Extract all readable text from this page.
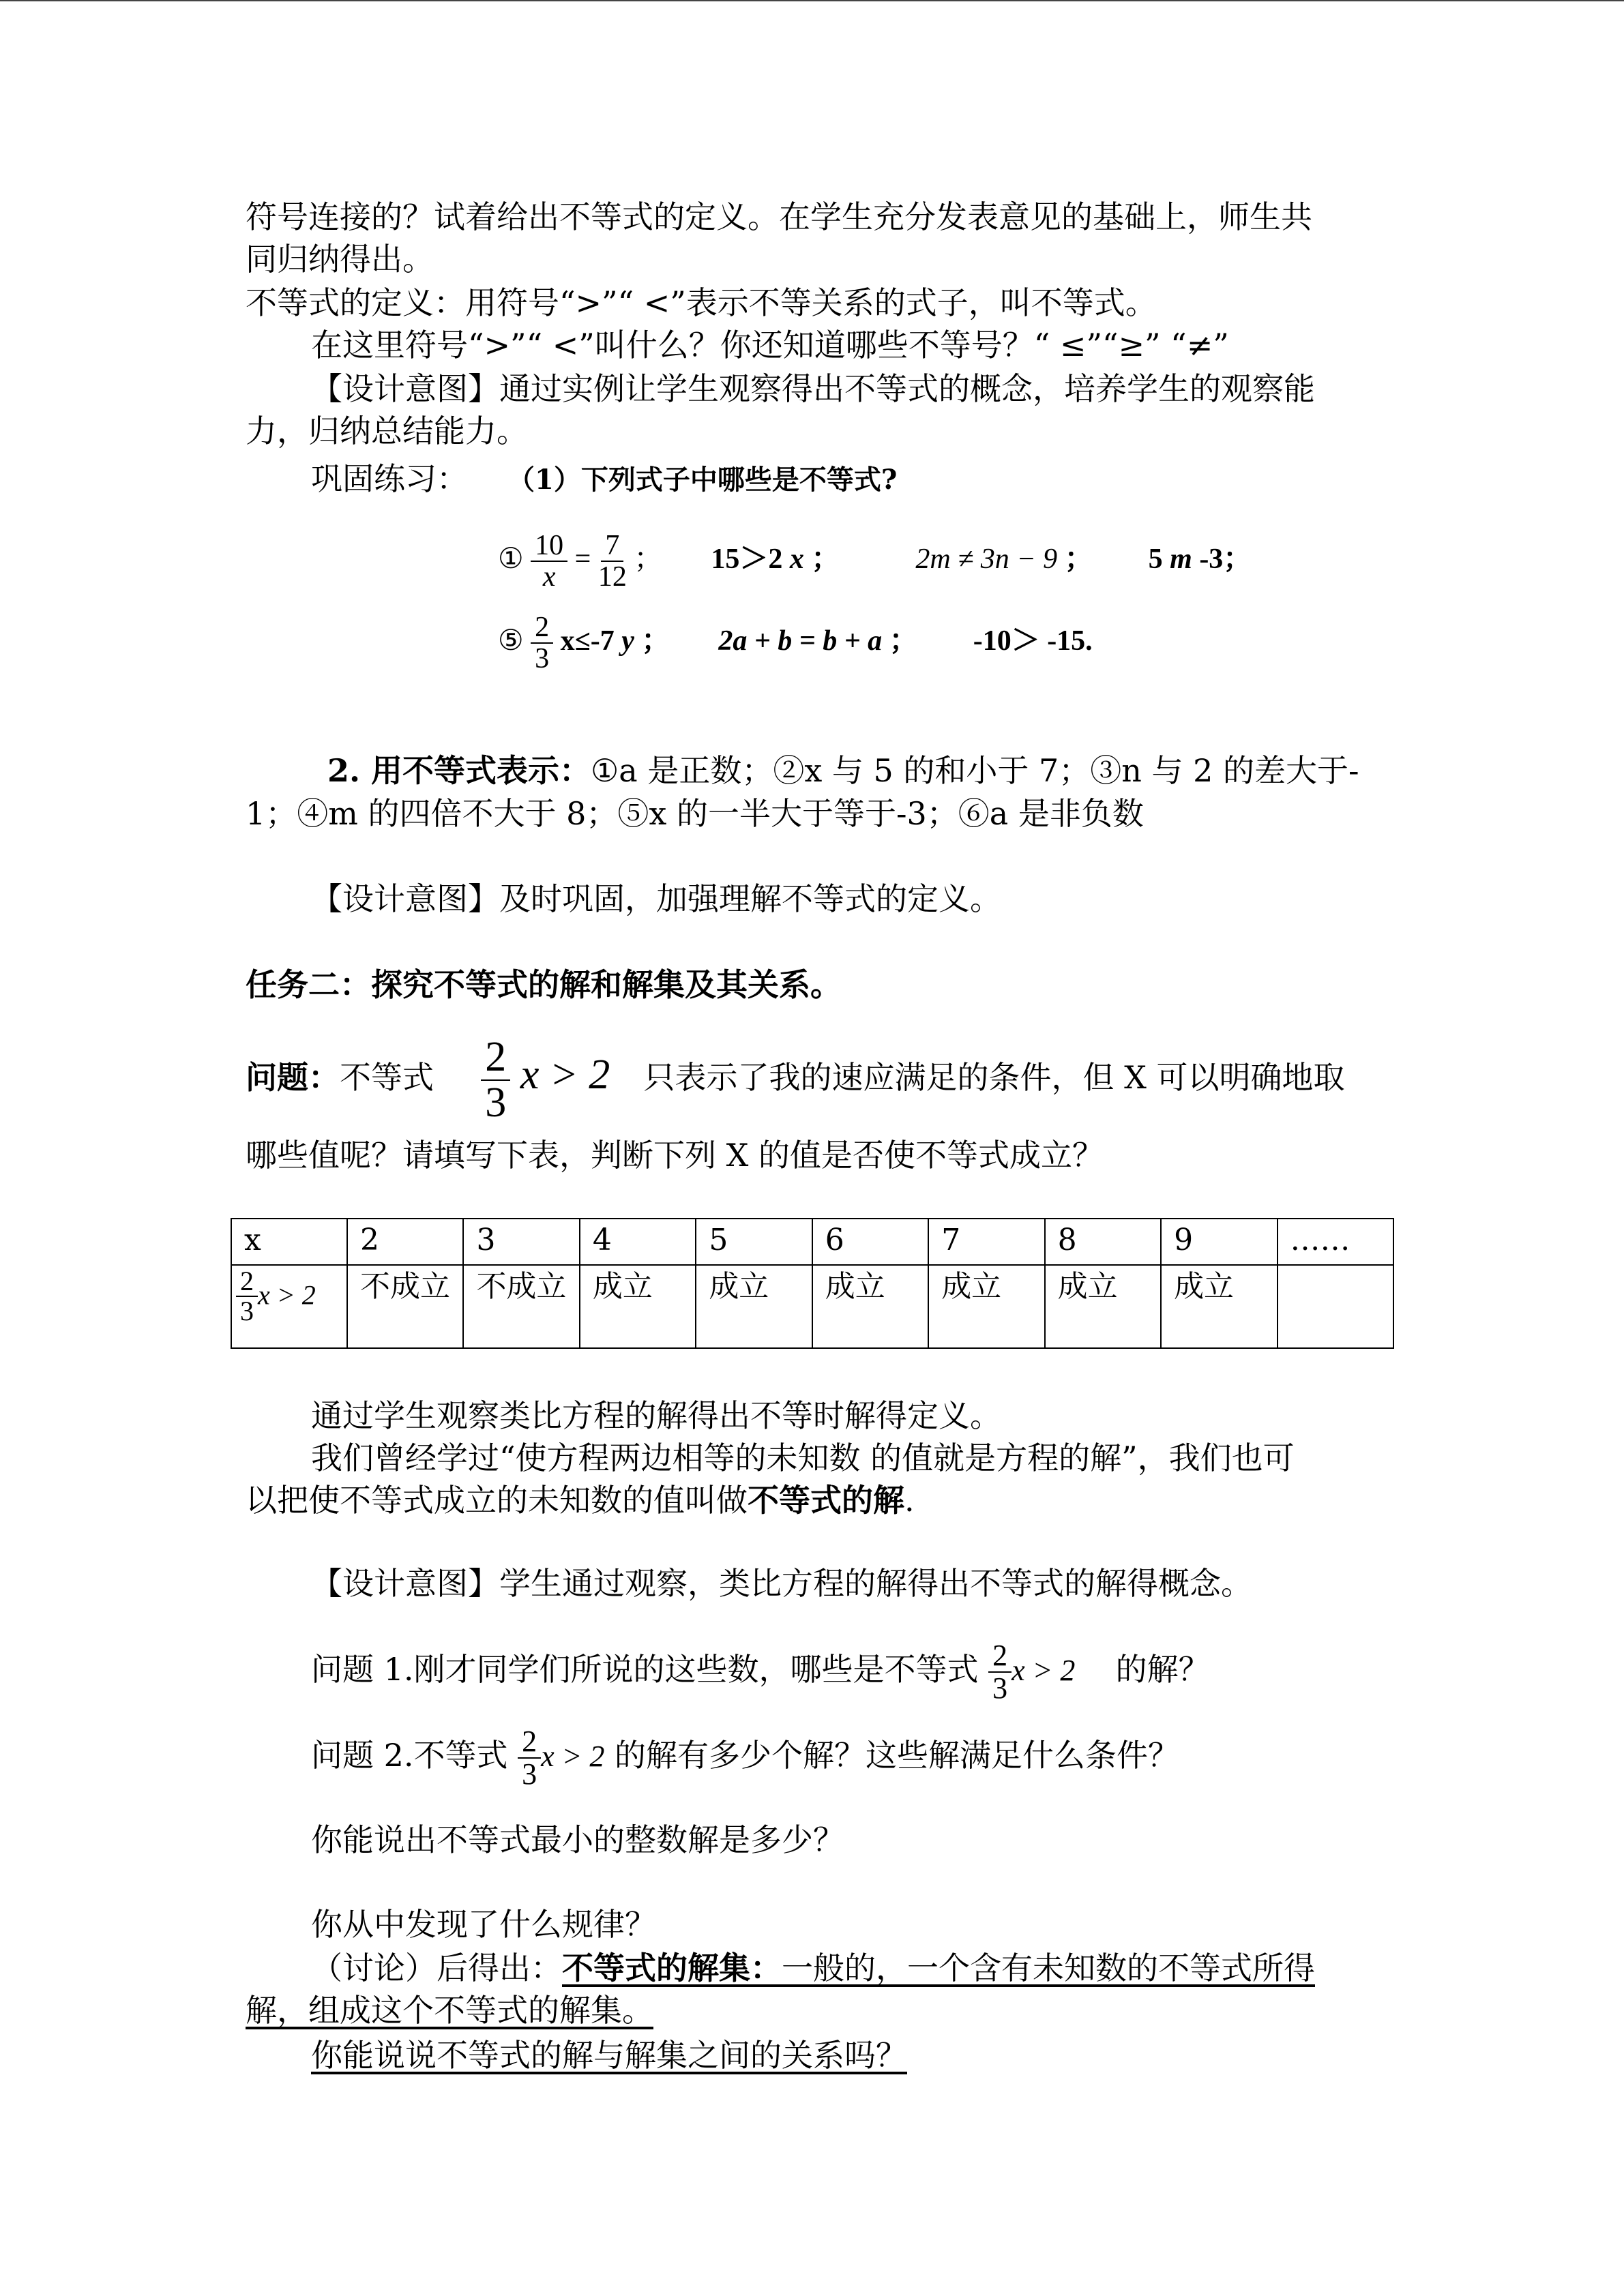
符号连接的？试着给出不等式的定义。在学生充分发表意见的基础上，师生共
同归纳得出。
不等式的定义：用符号“>”“ <”表示不等关系的式子，叫不等式。
在这里符号“>”“ <”叫什么？你还知道哪些不等号？“ ≤”“≥” “≠”
【设计意图】通过实例让学生观察得出不等式的概念，培养学生的观察能
力，归纳总结能力。
巩固练习： （1）下列式子中哪些是不等式?
① $\frac{10}{x} = \frac{7}{12}$ ； 15＞2 x ；	2m ≠ 3n − 9 ； 5 m -3；
⑤ $\frac{2}{3} x\le-7$ y ； 2a + b = b + a ； -10＞ -15.
2. 用不等式表示：①a 是正数；②x 与 5 的和小于 7；③n 与 2 的差大于-
1；④m 的四倍不大于 8；⑤x 的一半大于等于-3；⑥a 是非负数
【设计意图】及时巩固，加强理解不等式的定义。
任务二：探究不等式的解和解集及其关系。
问题：不等式 $\frac{2}{3}$ x > 2 只表示了我的速应满足的条件，但 X 可以明确地取
哪些值呢？请填写下表，判断下列 X 的值是否使不等式成立？
x	2	3	4	5	6	7	8	9	……

$\frac{2}{3}$ x > 2	不成立	不成立	成立	成立	成立	成立	成立	成立	
通过学生观察类比方程的解得出不等时解得定义。
我们曾经学过“使方程两边相等的未知数 的值就是方程的解”，我们也可
以把使不等式成立的未知数的值叫做不等式的解.
【设计意图】学生通过观察，类比方程的解得出不等式的解得概念。
问题 1.刚才同学们所说的这些数，哪些是不等式 $\frac{2}{3}$ x > 2 的解？
问题 2.不等式 $\frac{2}{3}$ x > 2 的解有多少个解？这些解满足什么条件？
你能说出不等式最小的整数解是多少？
你从中发现了什么规律？
（讨论）后得出：不等式的解集：一般的，一个含有未知数的不等式所得
解，组成这个不等式的解集。
你能说说不等式的解与解集之间的关系吗？
